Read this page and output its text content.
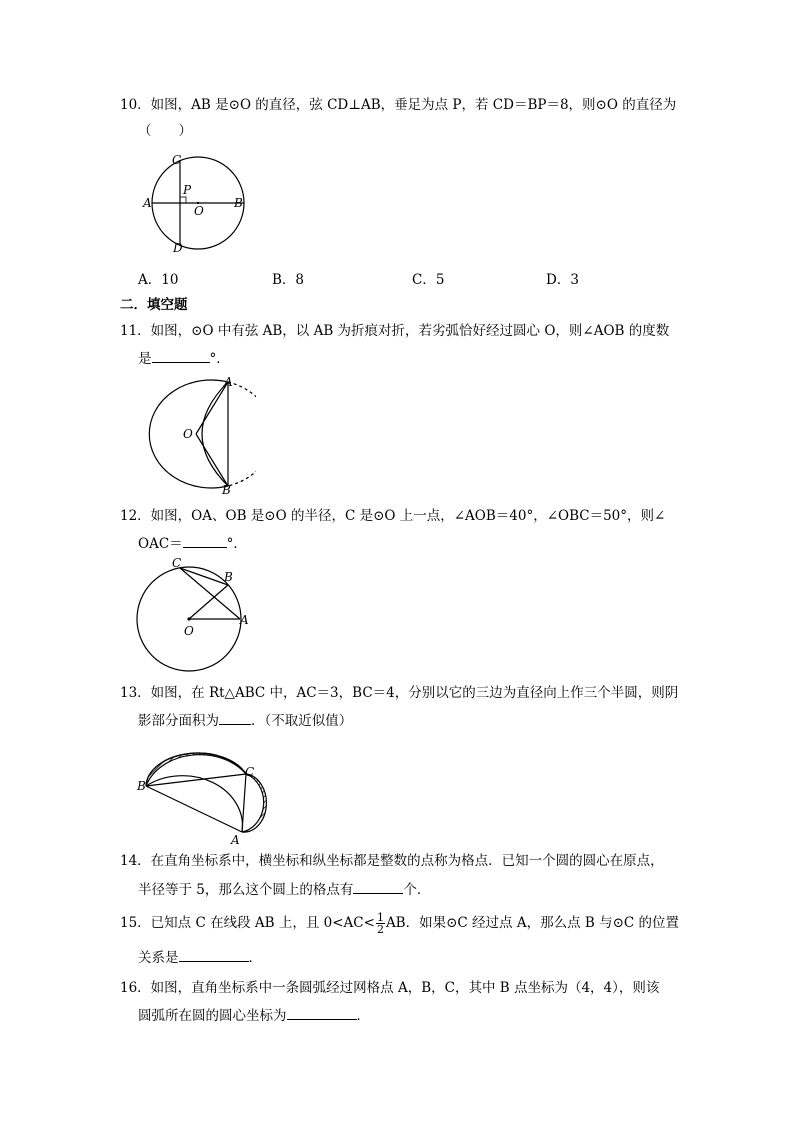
10．如图，AB 是⊙O 的直径，弦 CD⊥AB，垂足为点 P，若 CD＝BP＝8，则⊙O 的直径为
（　　）
C
P
A
O
B
D
A．10	B．8	C．5	D．3
二．填空题
11．如图，⊙O 中有弦 AB，以 AB 为折痕对折，若劣弧恰好经过圆心 O，则∠AOB 的度数
是	°．
A
O
B
12．如图，OA、OB 是⊙O 的半径，C 是⊙O 上一点，∠AOB＝40°，∠OBC＝50°，则∠
OAC＝	°．
C
B
A
O
13．如图，在 Rt△ABC 中，AC＝3，BC＝4，分别以它的三边为直径向上作三个半圆，则阴
影部分面积为 ．（不取近似值）
C
B
A
14．在直角坐标系中，横坐标和纵坐标都是整数的点称为格点．已知一个圆的圆心在原点，
半径等于 5，那么这个圆上的格点有	个．
15．已知点 C 在线段 AB 上，且 $0<AC< \frac{1}{2}$ AB．如果⊙C 经过点 A，那么点 B 与⊙C 的位置
关系是	．
16．如图，直角坐标系中一条圆弧经过网格点 A，B，C，其中 B 点坐标为（4，4），则该
圆弧所在圆的圆心坐标为	．
